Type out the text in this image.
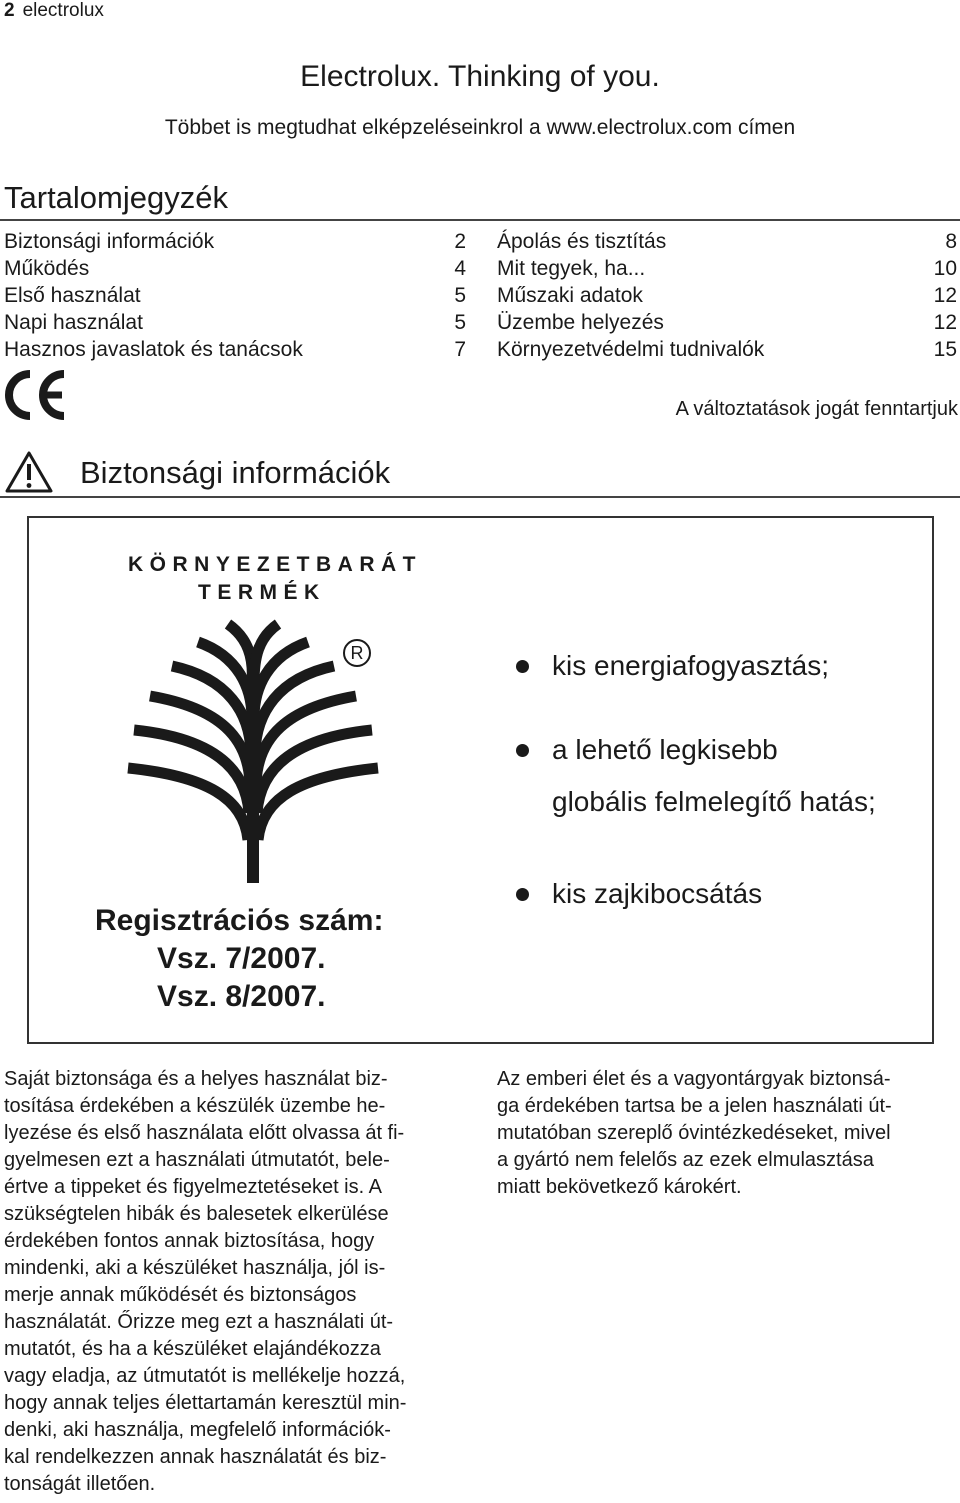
2 electrolux
Electrolux. Thinking of you.
Többet is megtudhat elképzeléseinkrol a www.electrolux.com címen
Tartalomjegyzék
Biztonsági információk	2
Működés	4
Első használat	5
Napi használat	5
Hasznos javaslatok és tanácsok	7
Ápolás és tisztítás	8
Mit tegyek, ha...	10
Műszaki adatok	12
Üzembe helyezés	12
Környezetvédelmi tudnivalók	15
A változtatások jogát fenntartjuk
Biztonsági információk
KÖRNYEZETBARÁT
TERMÉK
R
Regisztrációs szám:
Vsz. 7/2007.
Vsz. 8/2007.
kis energiafogyasztás;
a lehető legkisebb
globális felmelegítő hatás;
kis zajkibocsátás
Saját biztonsága és a helyes használat biz-
tosítása érdekében a készülék üzembe he-
lyezése és első használata előtt olvassa át fi-
gyelmesen ezt a használati útmutatót, bele-
értve a tippeket és figyelmeztetéseket is. A
szükségtelen hibák és balesetek elkerülése
érdekében fontos annak biztosítása, hogy
mindenki, aki a készüléket használja, jól is-
merje annak működését és biztonságos
használatát. Őrizze meg ezt a használati út-
mutatót, és ha a készüléket elajándékozza
vagy eladja, az útmutatót is mellékelje hozzá,
hogy annak teljes élettartamán keresztül min-
denki, aki használja, megfelelő információk-
kal rendelkezzen annak használatát és biz-
tonságát illetően.
Az emberi élet és a vagyontárgyak biztonsá-
ga érdekében tartsa be a jelen használati út-
mutatóban szereplő óvintézkedéseket, mivel
a gyártó nem felelős az ezek elmulasztása
miatt bekövetkező károkért.
